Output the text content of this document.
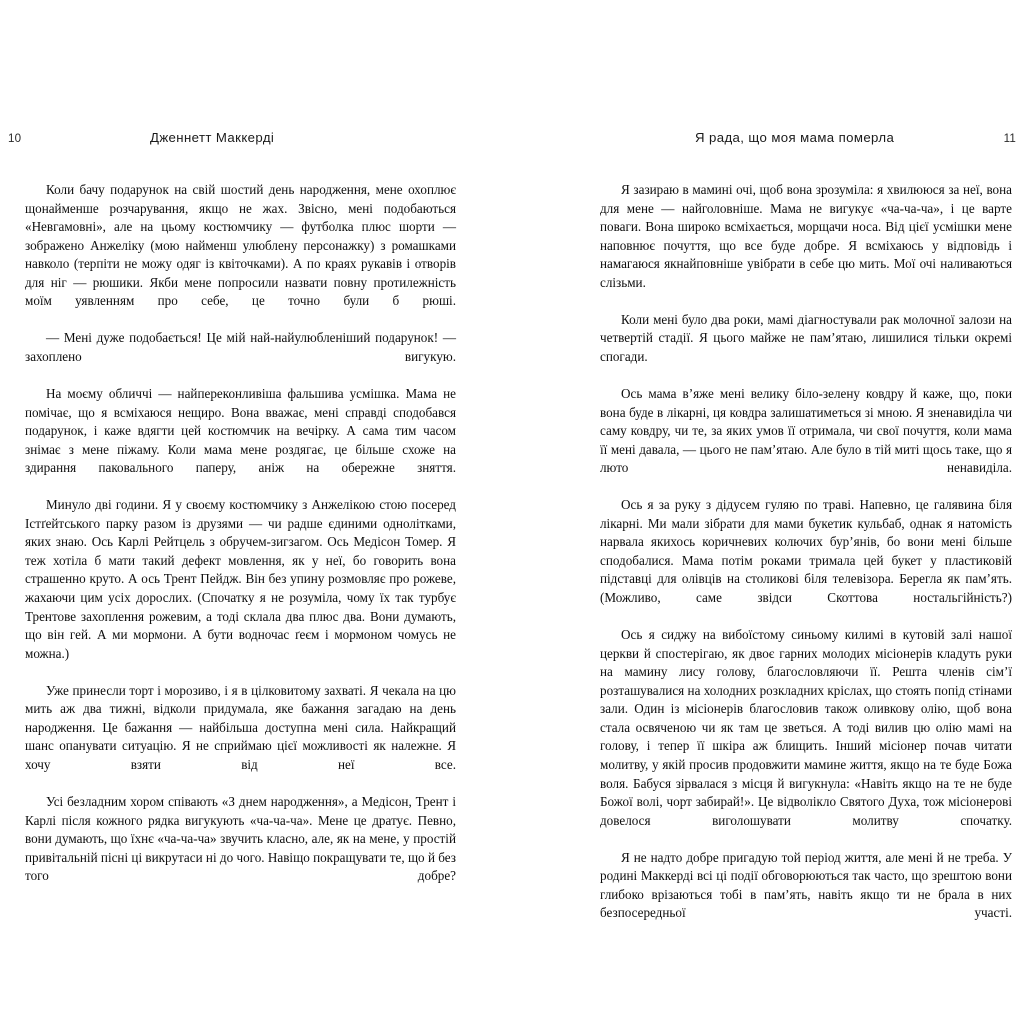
10	Дженнетт Маккерді

Коли бачу подарунок на свій шостий день народження, мене охоплює щонайменше розчарування, якщо не жах. Звісно, мені подобаються «Невгамовні», але на цьому костюмчику — футболка плюс шорти — зображено Анжеліку (мою найменш улюблену персонажку) з ромашками навколо (терпіти не можу одяг із квіточками). А по краях рукавів і отворів для ніг — рюшики. Якби мене попросили назвати повну протилежність моїм уявленням про себе, це точно були б рюші.

— Мені дуже подобається! Це мій най-найулюбленіший подарунок! — захоплено вигукую.

На моєму обличчі — найпереконливіша фальшива усмішка. Мама не помічає, що я всміхаюся нещиро. Вона вважає, мені справді сподобався подарунок, і каже вдягти цей костюмчик на вечірку. А сама тим часом знімає з мене піжаму. Коли мама мене роздягає, це більше схоже на здирання паковального паперу, аніж на обережне зняття.

Минуло дві години. Я у своєму костюмчику з Анжелікою стою посеред Істґейтського парку разом із друзями — чи радше єдиними однолітками, яких знаю. Ось Карлі Рейтцель з обручем-зигзагом. Ось Медісон Томер. Я теж хотіла б мати такий дефект мовлення, як у неї, бо говорить вона страшенно круто. А ось Трент Пейдж. Він без упину розмовляє про рожеве, жахаючи цим усіх дорослих. (Спочатку я не розуміла, чому їх так турбує Трентове захоплення рожевим, а тоді склала два плюс два. Вони думають, що він гей. А ми мормони. А бути водночас ґеєм і мормоном чомусь не можна.)

Уже принесли торт і морозиво, і я в цілковитому захваті. Я чекала на цю мить аж два тижні, відколи придумала, яке бажання загадаю на день народження. Це бажання — найбільша доступна мені сила. Найкращий шанс опанувати ситуацію. Я не сприймаю цієї можливості як належне. Я хочу взяти від неї все.

Усі безладним хором співають «З днем народження», а Медісон, Трент і Карлі після кожного рядка вигукують «ча-ча-ча». Мене це дратує. Певно, вони думають, що їхнє «ча-ча-ча» звучить класно, але, як на мене, у простій привітальній пісні ці викрутаси ні до чого. Навіщо покращувати те, що й без того добре?

Я рада, що моя мама померла	11

Я зазираю в мамині очі, щоб вона зрозуміла: я хвилююся за неї, вона для мене — найголовніше. Мама не вигукує «ча-ча-ча», і це варте поваги. Вона широко всміхається, морщачи носа. Від цієї усмішки мене наповнює почуття, що все буде добре. Я всміхаюсь у відповідь і намагаюся якнайповніше увібрати в себе цю мить. Мої очі наливаються слізьми.

Коли мені було два роки, мамі діагностували рак молочної залози на четвертій стадії. Я цього майже не пам’ятаю, лишилися тільки окремі спогади.

Ось мама в’яже мені велику біло-зелену ковдру й каже, що, поки вона буде в лікарні, ця ковдра залишатиметься зі мною. Я зненавиділа чи саму ковдру, чи те, за яких умов її отримала, чи свої почуття, коли мама її мені давала, — цього не пам’ятаю. Але було в тій миті щось таке, що я люто ненавиділа.

Ось я за руку з дідусем гуляю по траві. Напевно, це галявина біля лікарні. Ми мали зібрати для мами букетик кульбаб, однак я натомість нарвала якихось коричневих колючих бур’янів, бо вони мені більше сподобалися. Мама потім роками тримала цей букет у пластиковій підставці для олівців на столикові біля телевізора. Берегла як пам’ять. (Можливо, саме звідси Скоттова ностальгійність?)

Ось я сиджу на вибоїстому синьому килимі в кутовій залі нашої церкви й спостерігаю, як двоє гарних молодих місіонерів кладуть руки на мамину лису голову, благословляючи її. Решта членів сім’ї розташувалися на холодних розкладних кріслах, що стоять попід стінами зали. Один із місіонерів благословив також оливкову олію, щоб вона стала освяченою чи як там це зветься. А тоді вилив цю олію мамі на голову, і тепер її шкіра аж блищить. Інший місіонер почав читати молитву, у якій просив продовжити мамине життя, якщо на те буде Божа воля. Бабуся зірвалася з місця й вигукнула: «Навіть якщо на те не буде Божої волі, чорт забирай!». Це відволікло Святого Духа, тож місіонерові довелося виголошувати молитву спочатку.

Я не надто добре пригадую той період життя, але мені й не треба. У родині Маккерді всі ці події обговорюються так часто, що зрештою вони глибоко врізаються тобі в пам’ять, навіть якщо ти не брала в них безпосередньої участі.
